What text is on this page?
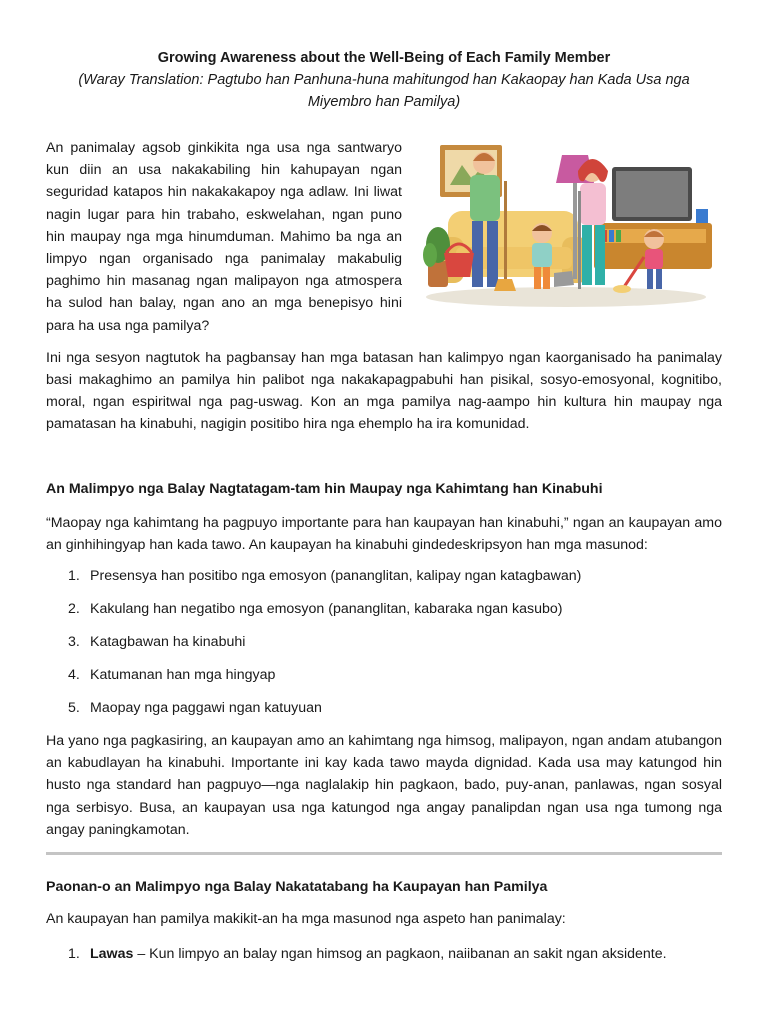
Growing Awareness about the Well-Being of Each Family Member
(Waray Translation: Pagtubo han Panhuna-huna mahitungod han Kakaopay han Kada Usa nga Miyembro han Pamilya)

An panimalay agsob ginkikita nga usa nga santwaryo kun diin an usa nakakabiling hin kahupayan ngan seguridad katapos hin nakakakapoy nga adlaw. Ini liwat nagin lugar para hin trabaho, eskwelahan, ngan puno hin maupay nga mga hinumduman. Mahimo ba nga an limpyo ngan organisado nga panimalay makabulig paghimo hin masanag ngan malipayon nga atmospera ha sulod han balay, ngan ano an mga benepisyo hini para ha usa nga pamilya?

Ini nga sesyon nagtutok ha pagbansay han mga batasan han kalimpyo ngan kaorganisado ha panimalay basi makaghimo an pamilya hin palibot nga nakakapagpabuhi han pisikal, sosyo-emosyonal, kognitibo, moral, ngan espiritwal nga pag-uswag. Kon an mga pamilya nag-aampo hin kultura hin maupay nga pamatasan ha kinabuhi, nagigin positibo hira nga ehemplo ha ira komunidad.

An Malimpyo nga Balay Nagtatagam-tam hin Maupay nga Kahimtang han Kinabuhi

“Maopay nga kahimtang ha pagpuyo importante para han kaupayan han kinabuhi,” ngan an kaupayan amo an ginhihingyap han kada tawo. An kaupayan ha kinabuhi gindedeskripsyon han mga masunod:

1. Presensya han positibo nga emosyon (pananglitan, kalipay ngan katagbawan)
2. Kakulang han negatibo nga emosyon (pananglitan, kabaraka ngan kasubo)
3. Katagbawan ha kinabuhi
4. Katumanan han mga hingyap
5. Maopay nga paggawi ngan katuyuan

Ha yano nga pagkasiring, an kaupayan amo an kahimtang nga himsog, malipayon, ngan andam atubangon an kabudlayan ha kinabuhi. Importante ini kay kada tawo mayda dignidad. Kada usa may katungod hin husto nga standard han pagpuyo—nga naglalakip hin pagkaon, bado, puy-anan, panlawas, ngan sosyal nga serbisyo. Busa, an kaupayan usa nga katungod nga angay panalipdan ngan usa nga tumong nga angay paningkamotan.

Paonan-o an Malimpyo nga Balay Nakatatabang ha Kaupayan han Pamilya

An kaupayan han pamilya makikit-an ha mga masunod nga aspeto han panimalay:

1. Lawas – Kun limpyo an balay ngan himsog an pagkaon, naiibanan an sakit ngan aksidente.
